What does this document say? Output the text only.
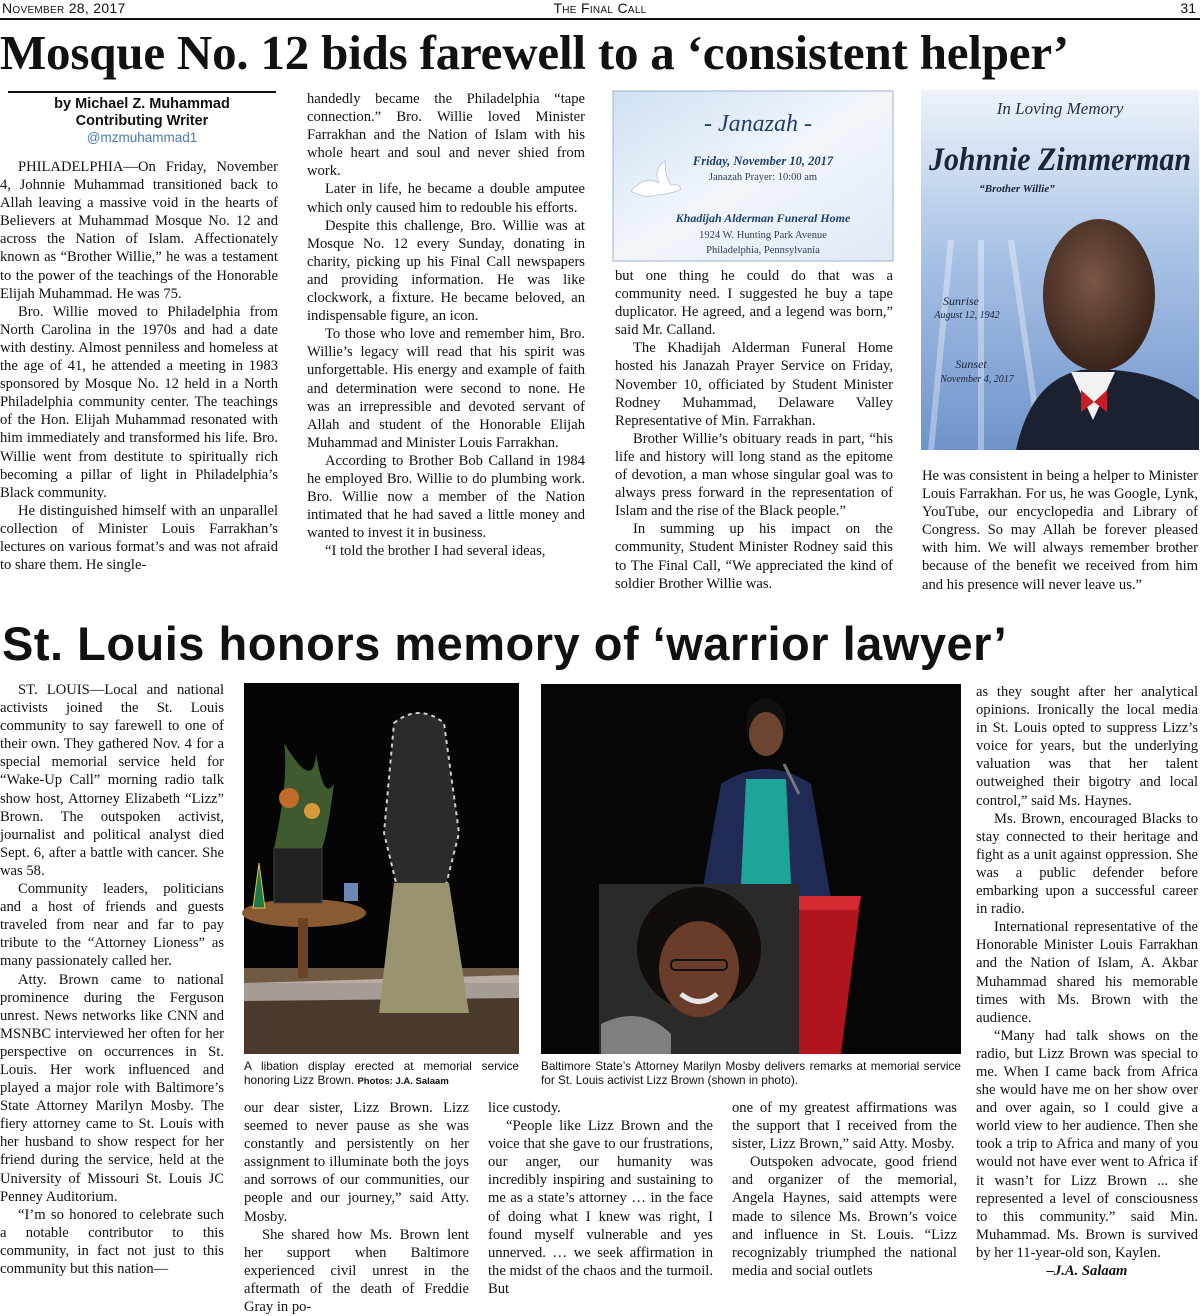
November 28, 2017	The Final Call	31
Mosque No. 12 bids farewell to a ‘consistent helper’
by Michael Z. Muhammad
Contributing Writer
@mzmuhammad1

PHILADELPHIA—On Friday, November 4, Johnnie Muhammad transitioned back to Allah leaving a massive void in the hearts of Believers at Muhammad Mosque No. 12 and across the Nation of Islam. Affectionately known as “Brother Willie,” he was a testament to the power of the teachings of the Honorable Elijah Muhammad. He was 75.

Bro. Willie moved to Philadelphia from North Carolina in the 1970s and had a date with destiny. Almost penniless and homeless at the age of 41, he attended a meeting in 1983 sponsored by Mosque No. 12 held in a North Philadelphia community center. The teachings of the Hon. Elijah Muhammad resonated with him immediately and transformed his life. Bro. Willie went from destitute to spiritually rich becoming a pillar of light in Philadelphia’s Black community.

He distinguished himself with an unparallel collection of Minister Louis Farrakhan’s lectures on various format’s and was not afraid to share them. He single-

handedly became the Philadelphia “tape connection.” Bro. Willie loved Minister Farrakhan and the Nation of Islam with his whole heart and soul and never shied from work.

Later in life, he became a double amputee which only caused him to redouble his efforts.

Despite this challenge, Bro. Willie was at Mosque No. 12 every Sunday, donating in charity, picking up his Final Call newspapers and providing information. He was like clockwork, a fixture. He became beloved, an indispensable figure, an icon.

To those who love and remember him, Bro. Willie’s legacy will read that his spirit was unforgettable. His energy and example of faith and determination were second to none. He was an irrepressible and devoted servant of Allah and student of the Honorable Elijah Muhammad and Minister Louis Farrakhan.

According to Brother Bob Calland in 1984 he employed Bro. Willie to do plumbing work. Bro. Willie now a member of the Nation intimated that he had saved a little money and wanted to invest it in business.

“I told the brother I had several ideas,

- Janazah -
Friday, November 10, 2017
Janazah Prayer: 10:00 am
Khadijah Alderman Funeral Home
1924 W. Hunting Park Avenue
Philadelphia, Pennsylvania

but one thing he could do that was a community need. I suggested he buy a tape duplicator. He agreed, and a legend was born,” said Mr. Calland.

The Khadijah Alderman Funeral Home hosted his Janazah Prayer Service on Friday, November 10, officiated by Student Minister Rodney Muhammad, Delaware Valley Representative of Min. Farrakhan.

Brother Willie’s obituary reads in part, “his life and history will long stand as the epitome of devotion, a man whose singular goal was to always press forward in the representation of Islam and the rise of the Black people.”

In summing up his impact on the community, Student Minister Rodney said this to The Final Call, “We appreciated the kind of soldier Brother Willie was.

In Loving Memory
Johnnie Zimmerman
“Brother Willie”
Sunrise
August 12, 1942
Sunset
November 4, 2017

He was consistent in being a helper to Minister Louis Farrakhan. For us, he was Google, Lynk, YouTube, our encyclopedia and Library of Congress. So may Allah be forever pleased with him. We will always remember brother because of the benefit we received from him and his presence will never leave us.”

St. Louis honors memory of ‘warrior lawyer’

ST. LOUIS—Local and national activists joined the St. Louis community to say farewell to one of their own. They gathered Nov. 4 for a special memorial service held for “Wake-Up Call” morning radio talk show host, Attorney Elizabeth “Lizz” Brown. The outspoken activist, journalist and political analyst died Sept. 6, after a battle with cancer. She was 58.

Community leaders, politicians and a host of friends and guests traveled from near and far to pay tribute to the “Attorney Lioness” as many passionately called her.

Atty. Brown came to national prominence during the Ferguson unrest. News networks like CNN and MSNBC interviewed her often for her perspective on occurrences in St. Louis. Her work influenced and played a major role with Baltimore’s State Attorney Marilyn Mosby. The fiery attorney came to St. Louis with her husband to show respect for her friend during the service, held at the University of Missouri St. Louis JC Penney Auditorium.

“I’m so honored to celebrate such a notable contributor to this community, in fact not just to this community but this nation—

A libation display erected at memorial service honoring Lizz Brown. Photos: J.A. Salaam
Baltimore State’s Attorney Marilyn Mosby delivers remarks at memorial service for St. Louis activist Lizz Brown (shown in photo).

our dear sister, Lizz Brown. Lizz seemed to never pause as she was constantly and persistently on her assignment to illuminate both the joys and sorrows of our communities, our people and our journey,” said Atty. Mosby.

She shared how Ms. Brown lent her support when Baltimore experienced civil unrest in the aftermath of the death of Freddie Gray in po-

lice custody.

“People like Lizz Brown and the voice that she gave to our frustrations, our anger, our humanity was incredibly inspiring and sustaining to me as a state’s attorney … in the face of doing what I knew was right, I found myself vulnerable and yes unnerved. … we seek affirmation in the midst of the chaos and the turmoil. But

one of my greatest affirmations was the support that I received from the sister, Lizz Brown,” said Atty. Mosby.

Outspoken advocate, good friend and organizer of the memorial, Angela Haynes, said attempts were made to silence Ms. Brown’s voice and influence in St. Louis. “Lizz recognizably triumphed the national media and social outlets

as they sought after her analytical opinions. Ironically the local media in St. Louis opted to suppress Lizz’s voice for years, but the underlying valuation was that her talent outweighed their bigotry and local control,” said Ms. Haynes.

Ms. Brown, encouraged Blacks to stay connected to their heritage and fight as a unit against oppression. She was a public defender before embarking upon a successful career in radio.

International representative of the Honorable Minister Louis Farrakhan and the Nation of Islam, A. Akbar Muhammad shared his memorable times with Ms. Brown with the audience.

“Many had talk shows on the radio, but Lizz Brown was special to me. When I came back from Africa she would have me on her show over and over again, so I could give a world view to her audience. Then she took a trip to Africa and many of you would not have ever went to Africa if it wasn’t for Lizz Brown ... she represented a level of consciousness to this community.” said Min. Muhammad. Ms. Brown is survived by her 11-year-old son, Kaylen.

–J.A. Salaam
